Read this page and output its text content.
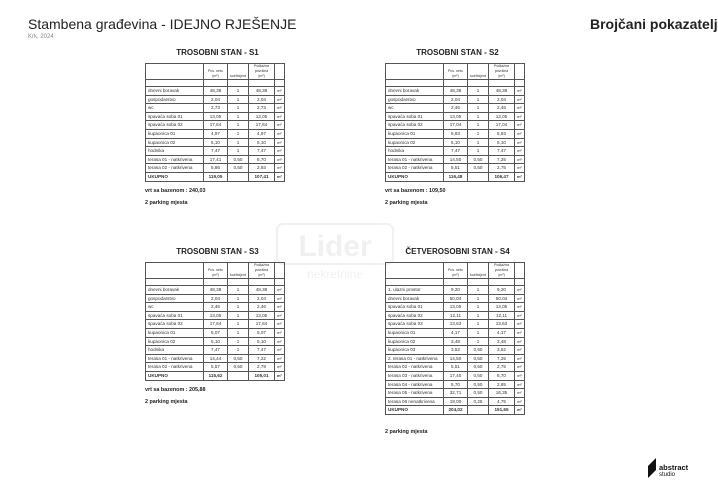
Stambena građevina - IDEJNO RJEŠENJE
Krk, 2024
Brojčani pokazatelj
Lider
nekretnine
TROSOBNI STAN - S1
	Pov. neto (m²)	koeficijent	Podlažna površina (m²)	

dnevni boravak	48,38	1	48,38	m²
gospodarstvo	2,04	1	2,04	m²
wc	2,73	1	2,73	m²
spavaća soba 01	13,05	1	13,05	m²
spavaća soba 02	17,64	1	17,64	m²
kupaonica 01	4,97	1	4,97	m²
kupaonica 02	5,10	1	5,10	m²
hodnika	7,47	1	7,47	m²
terasa 01 - natkrivena	17,41	0,50	8,70	m²
terasa 02 - natkrivena	5,86	0,50	2,93	m²
UKUPNO	119,05		107,41	m²
vrt sa bazenom : 240,03
2 parking mjesta
TROSOBNI STAN - S2
	Pov. neto (m²)	koeficijent	Podlažna površina (m²)	

dnevni boravak	48,38	1	48,38	m²
gospodarstvo	2,04	1	2,04	m²
wc	2,46	1	2,46	m²
spavaća soba 01	13,05	1	13,05	m²
spavaća soba 02	17,04	1	17,04	m²
kupaonica 01	5,83	1	5,83	m²
kupaonica 02	5,10	1	5,10	m²
hodnika	7,47	1	7,47	m²
terasa 01 - natkrivena	14,50	0,50	7,25	m²
terasa 02 - natkrivena	5,51	0,50	2,75	m²
UKUPNO	116,48		106,47	m²
vrt sa bazenom : 109,50
2 parking mjesta
TROSOBNI STAN - S3
	Pov. neto (m²)	koeficijent	Podlažna površina (m²)	

dnevni boravak	48,38	1	48,38	m²
gospodarstvo	2,04	1	2,04	m²
wc	2,46	1	2,46	m²
spavaća soba 01	13,05	1	13,05	m²
spavaća soba 02	17,64	1	17,64	m²
kupaonica 01	5,07	1	5,07	m²
kupaonica 02	5,10	1	5,10	m²
hodnika	7,47	1	7,47	m²
terasa 01 - natkrivena	14,44	0,50	7,22	m²
terasa 02 - natkrivena	5,57	0,50	2,79	m²
UKUPNO	115,62		105,01	m²
vrt sa bazenom : 205,88
2 parking mjesta
ČETVEROSOBNI STAN - S4
	Pov. neto (m²)	koeficijent	Podlažna površina (m²)	

1. ulazni prostor	9,20	1	9,20	m²
dnevni boravak	50,04	1	50,04	m²
spavaća soba 01	13,05	1	13,05	m²
spavaća soba 02	12,11	1	12,11	m²
spavaća soba 03	13,63	1	13,63	m²
kupaonica 01	4,17	1	4,17	m²
kupaonica 02	3,48	1	3,48	m²
kupaonica 03	3,52	0,50	3,52	m²
2. terasa 01 - natkrivena	14,50	0,50	7,25	m²
terasa 02 - natkrivena	5,51	0,50	2,75	m²
terasa 03 - natkrivena	17,40	0,50	8,70	m²
terasa 04 - natkrivena	5,70	0,50	2,85	m²
terasa 05 - natkrivena	32,71	0,50	16,35	m²
terasa 06 nenatkrivena	19,00	0,25	4,75	m²
UKUPNO	204,02		151,65	m²
2 parking mjesta
abstract
studio
